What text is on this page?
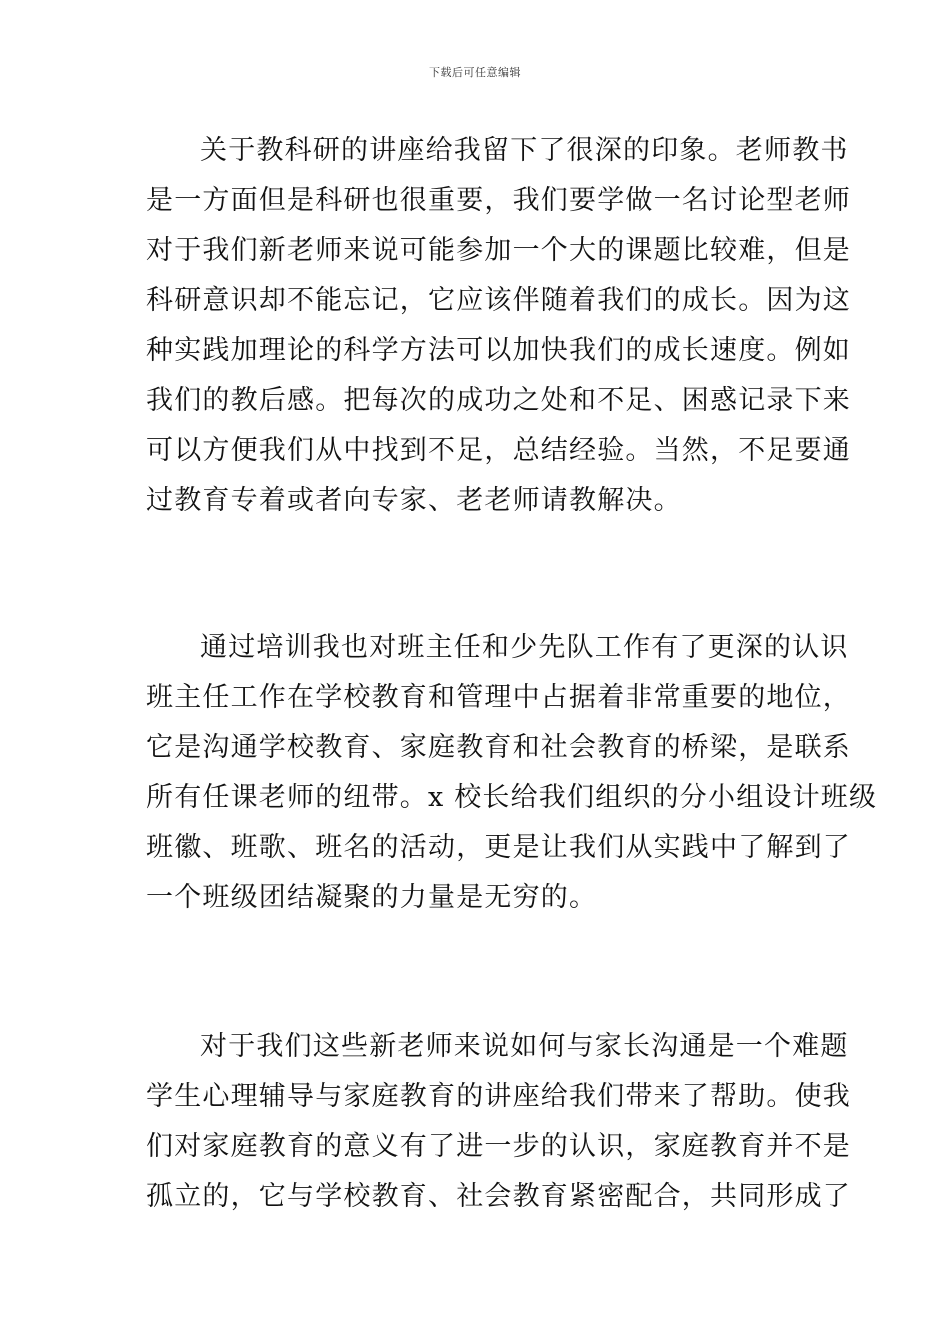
下载后可任意编辑
关于教科研的讲座给我留下了很深的印象。老师教书
是一方面但是科研也很重要，我们要学做一名讨论型老师
对于我们新老师来说可能参加一个大的课题比较难，但是
科研意识却不能忘记，它应该伴随着我们的成长。因为这
种实践加理论的科学方法可以加快我们的成长速度。例如
我们的教后感。把每次的成功之处和不足、困惑记录下来
可以方便我们从中找到不足，总结经验。当然，不足要通
过教育专着或者向专家、老老师请教解决。
通过培训我也对班主任和少先队工作有了更深的认识
班主任工作在学校教育和管理中占据着非常重要的地位，
它是沟通学校教育、家庭教育和社会教育的桥梁，是联系
所有任课老师的纽带。x 校长给我们组织的分小组设计班级
班徽、班歌、班名的活动，更是让我们从实践中了解到了
一个班级团结凝聚的力量是无穷的。
对于我们这些新老师来说如何与家长沟通是一个难题
学生心理辅导与家庭教育的讲座给我们带来了帮助。使我
们对家庭教育的意义有了进一步的认识，家庭教育并不是
孤立的，它与学校教育、社会教育紧密配合，共同形成了
